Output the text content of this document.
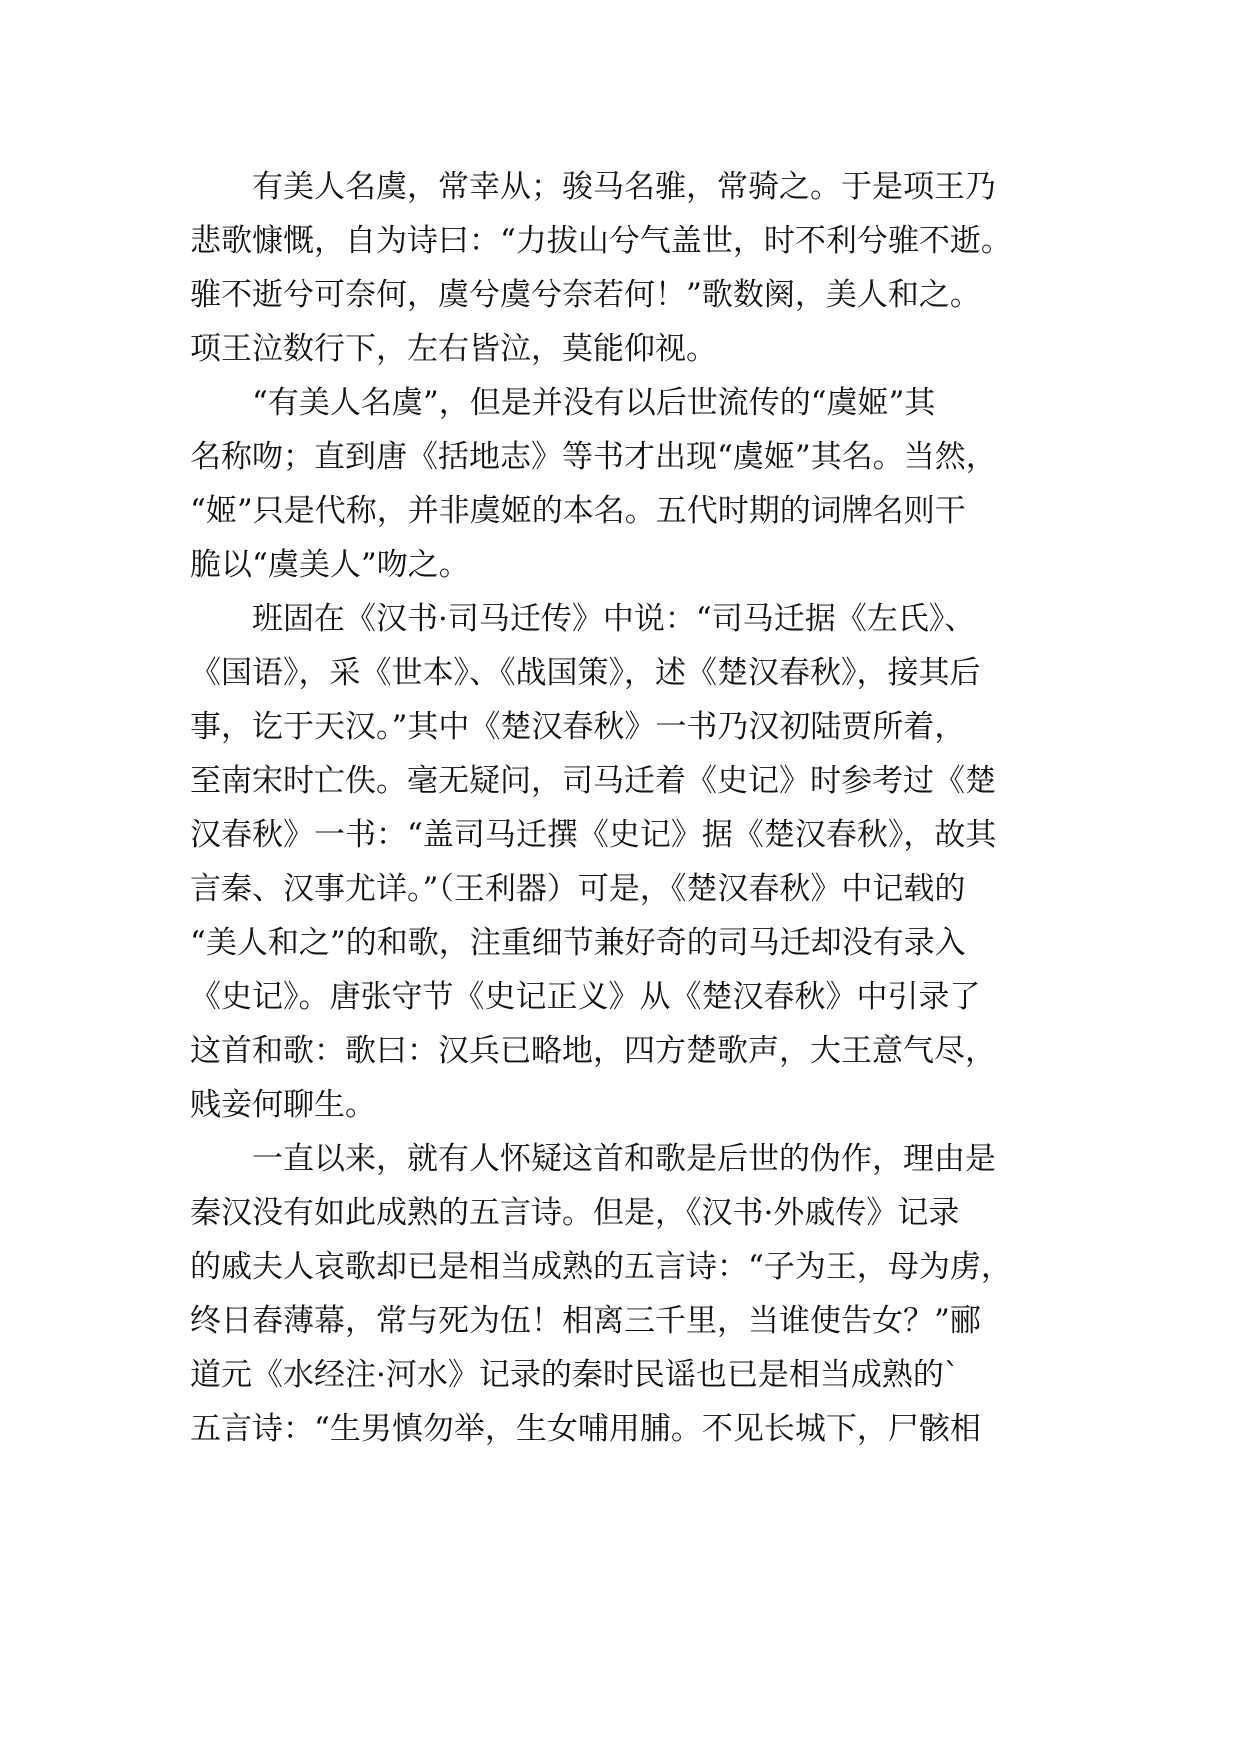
有美人名虞，常幸从；骏马名骓，常骑之。于是项王乃
悲歌慷慨，自为诗曰：“力拔山兮气盖世，时不利兮骓不逝。
骓不逝兮可奈何，虞兮虞兮奈若何！”歌数阕，美人和之。
项王泣数行下，左右皆泣，莫能仰视。
“有美人名虞”，但是并没有以后世流传的“虞姬”其
名称吻；直到唐《括地志》等书才出现“虞姬”其名。当然，
“姬”只是代称，并非虞姬的本名。五代时期的词牌名则干
脆以“虞美人”吻之。
班固在《汉书·司马迁传》中说：“司马迁据《左氏》、
《国语》，采《世本》、《战国策》，述《楚汉春秋》，接其后
事，讫于天汉。”其中《楚汉春秋》一书乃汉初陆贾所着，
至南宋时亡佚。毫无疑问，司马迁着《史记》时参考过《楚
汉春秋》一书：“盖司马迁撰《史记》据《楚汉春秋》，故其
言秦、汉事尤详。”（王利器）可是，《楚汉春秋》中记载的
“美人和之”的和歌，注重细节兼好奇的司马迁却没有录入
《史记》。唐张守节《史记正义》从《楚汉春秋》中引录了
这首和歌：歌曰：汉兵已略地，四方楚歌声，大王意气尽，
贱妾何聊生。
一直以来，就有人怀疑这首和歌是后世的伪作，理由是
秦汉没有如此成熟的五言诗。但是，《汉书·外戚传》记录
的戚夫人哀歌却已是相当成熟的五言诗：“子为王，母为虏，
终日舂薄幕，常与死为伍！相离三千里，当谁使告女？”郦
道元《水经注·河水》记录的秦时民谣也已是相当成熟的`
五言诗：“生男慎勿举，生女哺用脯。不见长城下，尸骸相
